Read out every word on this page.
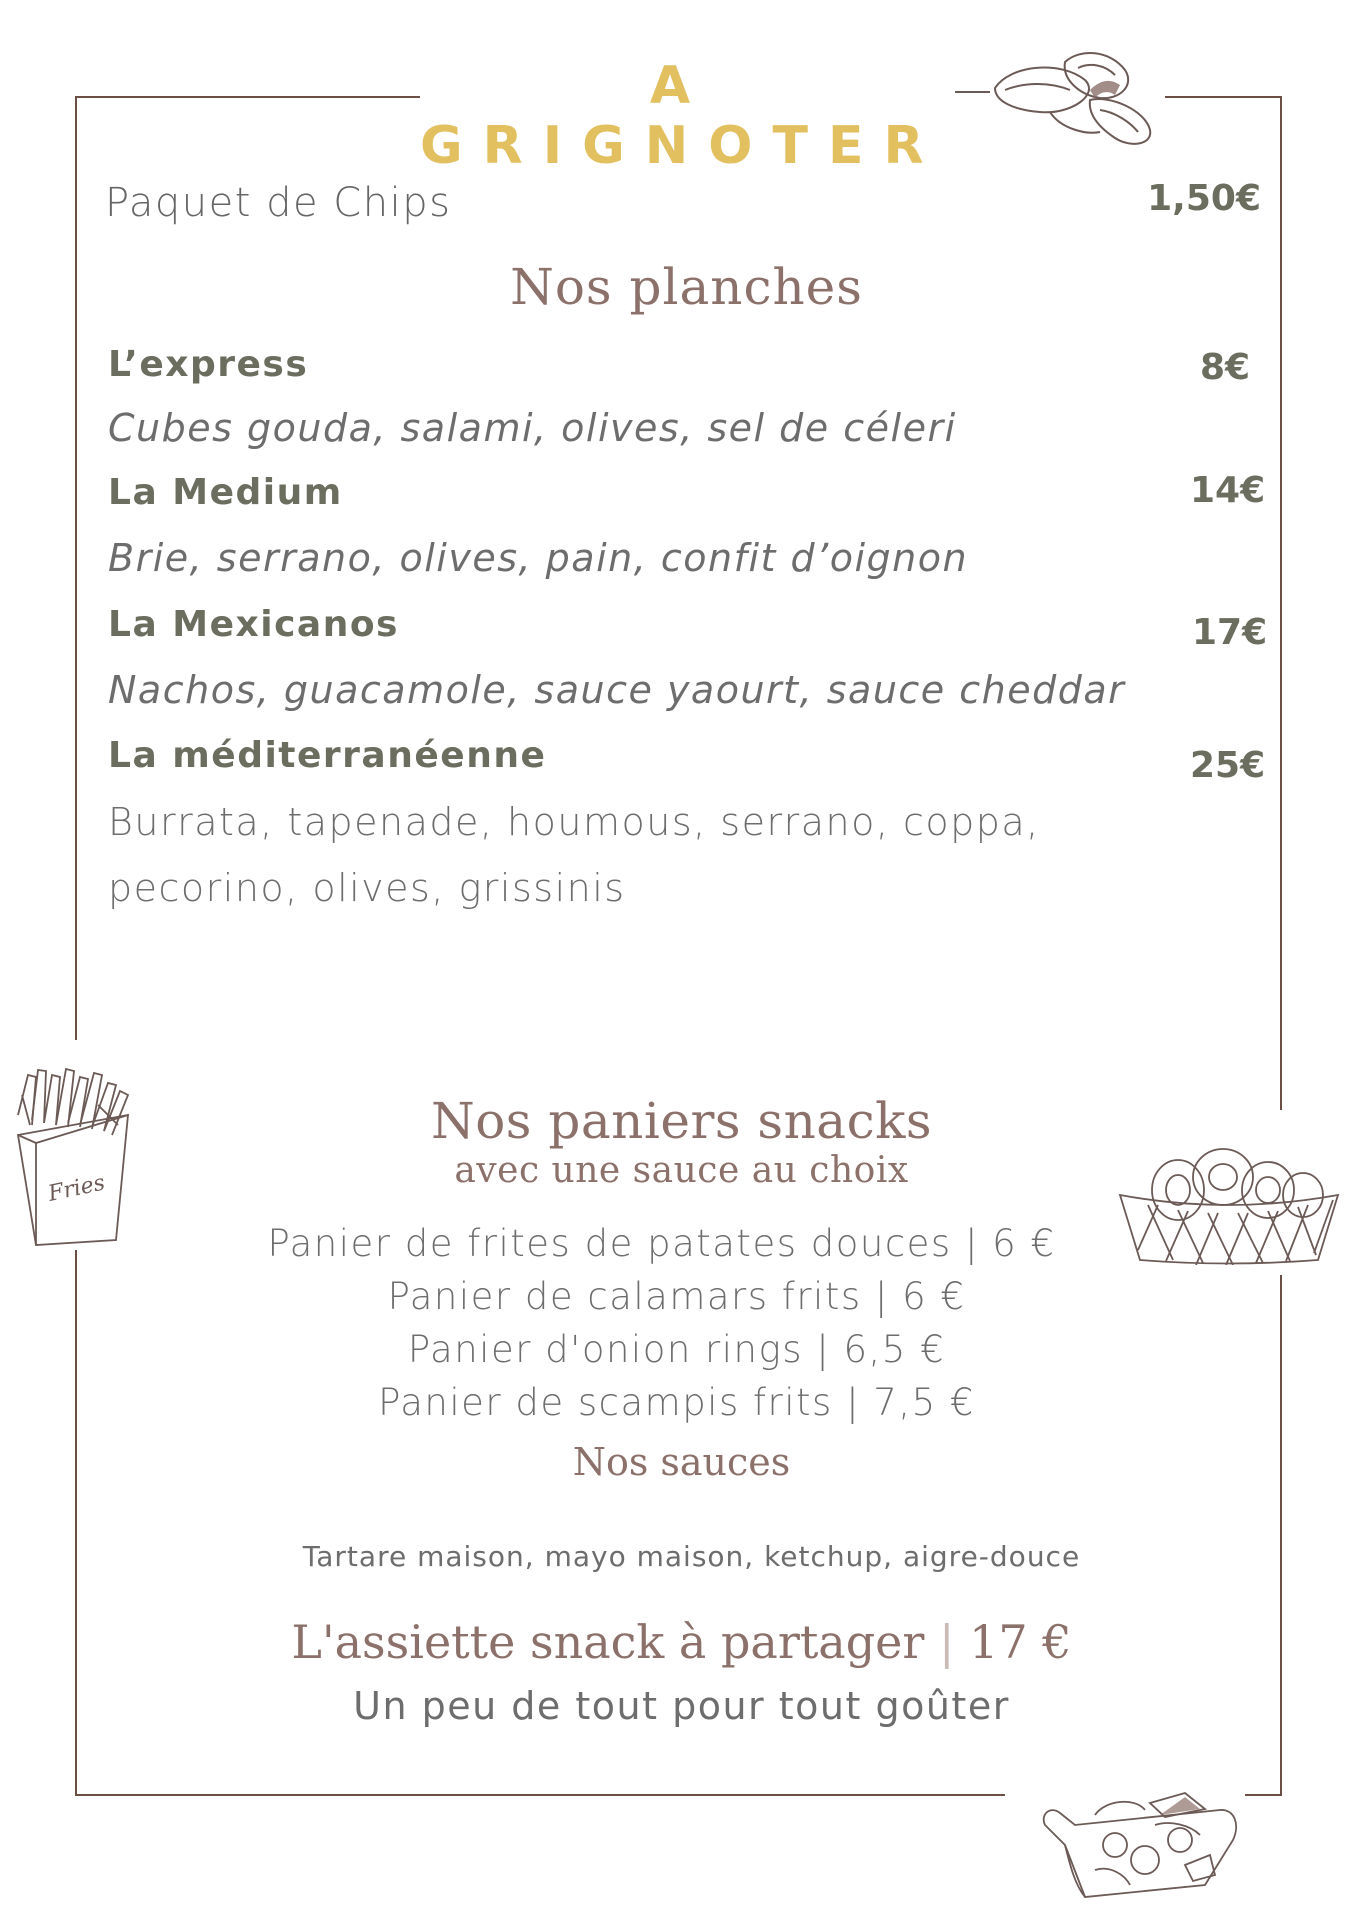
A GRIGNOTER
Paquet de Chips	1,50€
Nos planches
L’express	8€
Cubes gouda, salami, olives, sel de céleri
La Medium	14€
Brie, serrano, olives, pain, confit d’oignon
La Mexicanos	17€
Nachos, guacamole, sauce yaourt, sauce cheddar
La méditerranéenne	25€
Burrata, tapenade, houmous, serrano, coppa,
pecorino, olives, grissinis
Fries
Nos paniers snacks
avec une sauce au choix
Panier de frites de patates douces | 6 €
Panier de calamars frits | 6 €
Panier d'onion rings | 6,5 €
Panier de scampis frits | 7,5 €
Nos sauces
Tartare maison, mayo maison, ketchup, aigre-douce
L'assiette snack à partager | 17 €
Un peu de tout pour tout goûter
